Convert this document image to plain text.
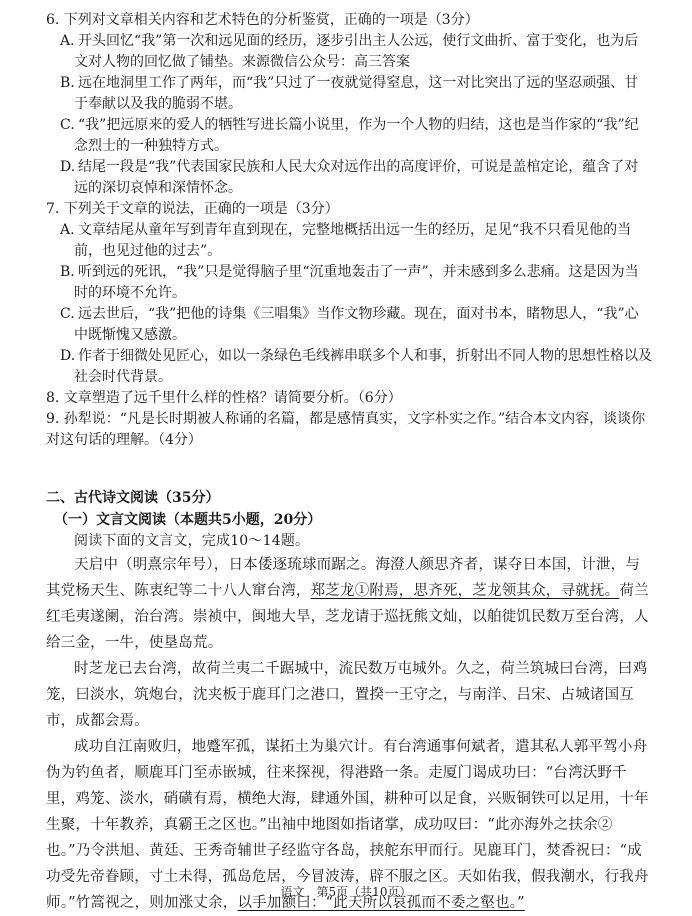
6. 下列对文章相关内容和艺术特色的分析鉴赏，正确的一项是（3分）

A. 开头回忆“我”第一次和远见面的经历，逐步引出主人公远，使行文曲折、富于变化，也为后文对人物的回忆做了铺垫。来源微信公众号：高三答案

B. 远在地洞里工作了两年，而“我”只过了一夜就觉得窒息，这一对比突出了远的坚忍顽强、甘于奉献以及我的脆弱不堪。

C. “我”把远原来的爱人的牺牲写进长篇小说里，作为一个人物的归结，这也是当作家的“我”纪念烈士的一种独特方式。

D. 结尾一段是“我”代表国家民族和人民大众对远作出的高度评价，可说是盖棺定论，蕴含了对远的深切哀悼和深情怀念。

7. 下列关于文章的说法，正确的一项是（3分）

A. 文章结尾从童年写到青年直到现在，完整地概括出远一生的经历，足见“我不只看见他的当前，也见过他的过去”。

B. 听到远的死讯，“我”只是觉得脑子里“沉重地轰击了一声”，并未感到多么悲痛。这是因为当时的环境不允许。

C. 远去世后，“我”把他的诗集《三唱集》当作文物珍藏。现在，面对书本，睹物思人，“我”心中既惭愧又感激。

D. 作者于细微处见匠心，如以一条绿色毛线裤串联多个人和事，折射出不同人物的思想性格以及社会时代背景。

8. 文章塑造了远千里什么样的性格？请简要分析。（6分）

9. 孙犁说：“凡是长时期被人称诵的名篇，都是感情真实，文字朴实之作。”结合本文内容，谈谈你对这句话的理解。（4分）

二、古代诗文阅读（35分）
（一）文言文阅读（本题共5小题，20分）

阅读下面的文言文，完成10～14题。

天启中（明熹宗年号），日本倭逐琉球而踞之。海澄人颜思齐者，谋夺日本国，计泄，与其党杨天生、陈衷纪等二十八人窜台湾，郑芝龙①附焉，思齐死，芝龙领其众，寻就抚。荷兰红毛夷遂阑，治台湾。崇祯中，闽地大旱，芝龙请于巡抚熊文灿，以舶徙饥民数万至台湾，人给三金，一牛，使垦岛荒。

时芝龙已去台湾，故荷兰夷二千踞城中，流民数万屯城外。久之，荷兰筑城曰台湾，曰鸡笼，曰淡水，筑炮台，沈夹板于鹿耳门之港口，置揆一王守之，与南洋、吕宋、占城诸国互市，成都会焉。

成功自江南败归，地蹙军孤，谋拓土为巢穴计。有台湾通事何斌者，遣其私人郭平驾小舟伪为钓鱼者，顺鹿耳门至赤嵌城，往来探视，得港路一条。走厦门谒成功曰：“台湾沃野千里，鸡笼、淡水，硝磺有焉，横绝大海，肆通外国，耕种可以足食，兴贩铜铁可以足用，十年生聚，十年教养，真霸王之区也。”出袖中地图如指诸掌，成功叹曰：“此亦海外之扶余②也。”乃令洪旭、黄廷、王秀奇辅世子经监守各岛，挟舵东甲而行。见鹿耳门，焚香祝曰：“成功受先帝眷顾，寸土未得，孤岛危居，今冒波涛，辟不服之区。天如佑我，假我潮水，行我舟师。”竹篙视之，则加涨丈余，以手加额曰：“此天所以哀孤而不委之壑也。”

语文　第5页（共10页）
